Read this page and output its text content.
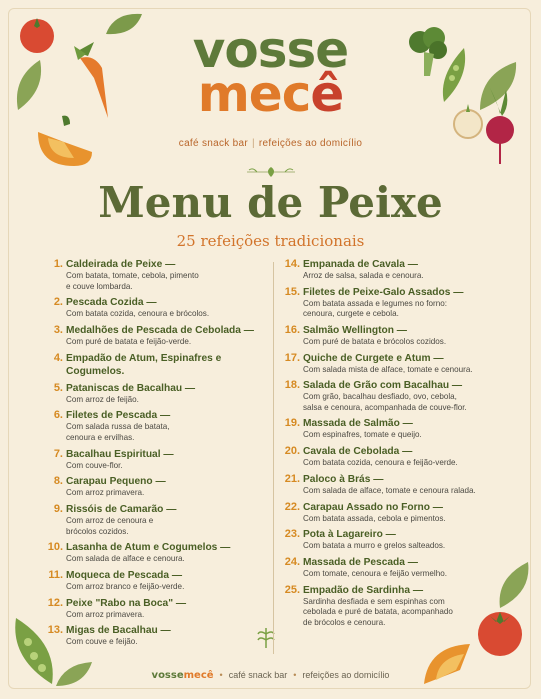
vosse
mecê
café snack bar | refeições ao domicílio
Menu de Peixe
25 refeições tradicionais
1. Caldeirada de Peixe —
Com batata, tomate, cebola, pimento
e couve lombarda.
2. Pescada Cozida —
Com batata cozida, cenoura e brócolos.
3. Medalhões de Pescada de Cebolada —
Com puré de batata e feijão-verde.
4. Empadão de Atum, Espinafres e Cogumelos.
5. Pataniscas de Bacalhau —
Com arroz de feijão.
6. Filetes de Pescada —
Com salada russa de batata,
cenoura e ervilhas.
7. Bacalhau Espiritual —
Com couve-flor.
8. Carapau Pequeno —
Com arroz primavera.
9. Rissóis de Camarão —
Com arroz de cenoura e
brócolos cozidos.
10. Lasanha de Atum e Cogumelos —
Com salada de alface e cenoura.
11. Moqueca de Pescada —
Com arroz branco e feijão-verde.
12. Peixe "Rabo na Boca" —
Com arroz primavera.
13. Migas de Bacalhau —
Com couve e feijão.
14. Empanada de Cavala —
Arroz de salsa, salada e cenoura.
15. Filetes de Peixe-Galo Assados —
Com batata assada e legumes no forno:
cenoura, curgete e cebola.
16. Salmão Wellington —
Com puré de batata e brócolos cozidos.
17. Quiche de Curgete e Atum —
Com salada mista de alface, tomate e cenoura.
18. Salada de Grão com Bacalhau —
Com grão, bacalhau desfiado, ovo, cebola,
salsa e cenoura, acompanhada de couve-flor.
19. Massada de Salmão —
Com espinafres, tomate e queijo.
20. Cavala de Cebolada —
Com batata cozida, cenoura e feijão-verde.
21. Paloco à Brás —
Com salada de alface, tomate e cenoura ralada.
22. Carapau Assado no Forno —
Com batata assada, cebola e pimentos.
23. Pota à Lagareiro —
Com batata a murro e grelos salteados.
24. Massada de Pescada —
Com tomate, cenoura e feijão vermelho.
25. Empadão de Sardinha —
Sardinha desfiada e sem espinhas com
cebolada e puré de batata, acompanhado
de brócolos e cenoura.
vossemecê • café snack bar • refeições ao domicílio
